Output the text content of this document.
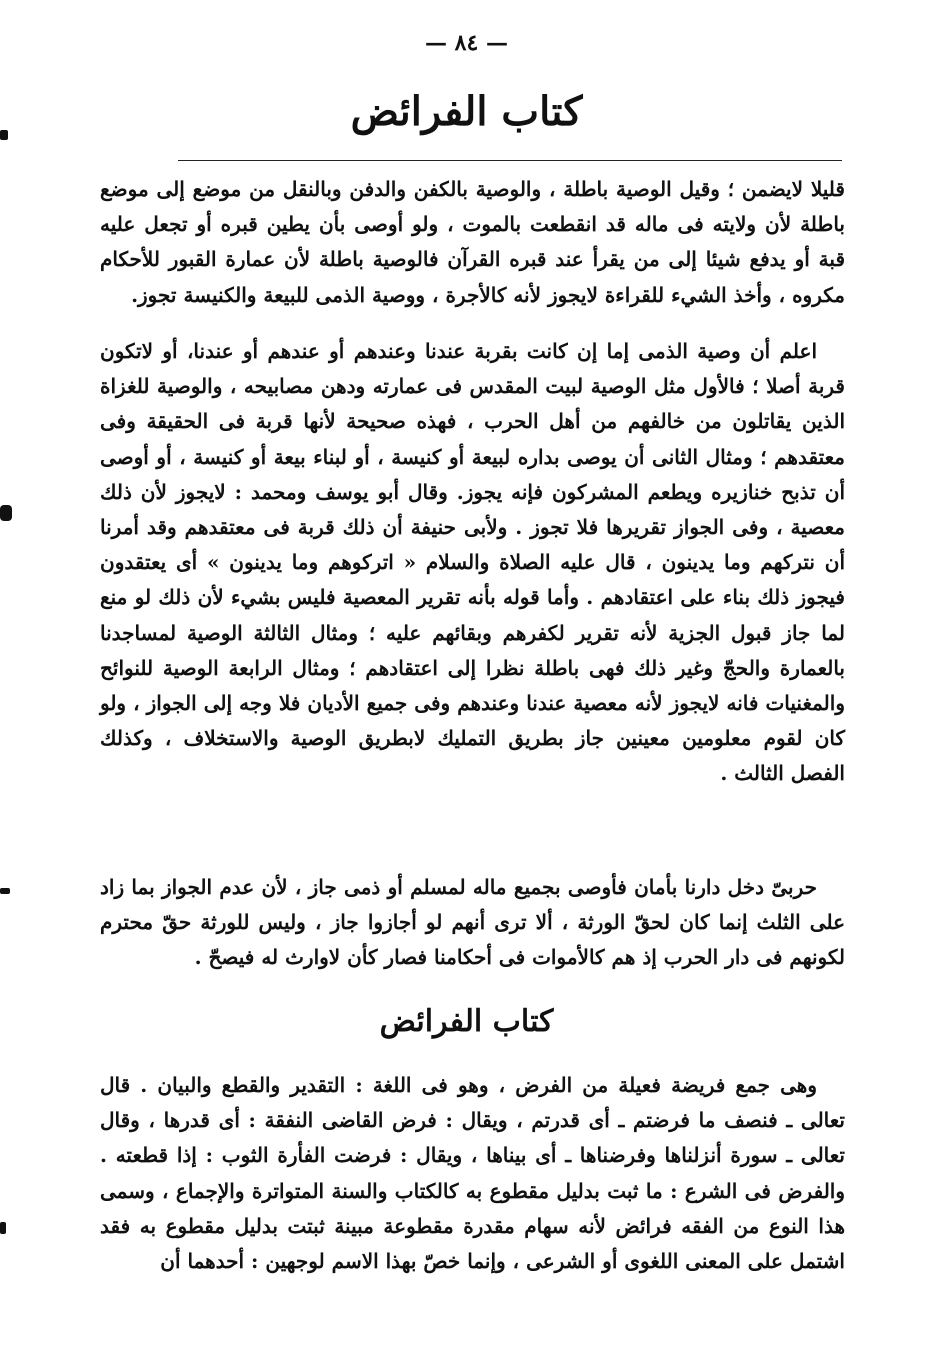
— ٨٤ —
كتاب الفرائض

قليلا لايضمن ؛ وقيل الوصية باطلة ، والوصية بالكفن والدفن وبالنقل من موضع إلى موضع باطلة لأن ولايته فى ماله قد انقطعت بالموت ، ولو أوصى بأن يطين قبره أو تجعل عليه قبة أو يدفع شيئا إلى من يقرأ عند قبره القرآن فالوصية باطلة لأن عمارة القبور للأحكام مكروه ، وأخذ الشيء للقراءة لايجوز لأنه كالأجرة ، ووصية الذمى للبيعة والكنيسة تجوز.

اعلم أن وصية الذمى إما إن كانت بقربة عندنا وعندهم أو عندهم أو عندنا، أو لاتكون قربة أصلا ؛ فالأول مثل الوصية لبيت المقدس فى عمارته ودهن مصابيحه ، والوصية للغزاة الذين يقاتلون من خالفهم من أهل الحرب ، فهذه صحيحة لأنها قربة فى الحقيقة وفى معتقدهم ؛ ومثال الثانى أن يوصى بداره لبيعة أو كنيسة ، أو لبناء بيعة أو كنيسة ، أو أوصى أن تذبح خنازيره ويطعم المشركون فإنه يجوز. وقال أبو يوسف ومحمد : لايجوز لأن ذلك معصية ، وفى الجواز تقريرها فلا تجوز . ولأبى حنيفة أن ذلك قربة فى معتقدهم وقد أمرنا أن نتركهم وما يدينون ، قال عليه الصلاة والسلام « اتركوهم وما يدينون » أى يعتقدون فيجوز ذلك بناء على اعتقادهم . وأما قوله بأنه تقرير المعصية فليس بشيء لأن ذلك لو منع لما جاز قبول الجزية لأنه تقرير لكفرهم وبقائهم عليه ؛ ومثال الثالثة الوصية لمساجدنا بالعمارة والحجّ وغير ذلك فهى باطلة نظرا إلى اعتقادهم ؛ ومثال الرابعة الوصية للنوائح والمغنيات فانه لايجوز لأنه معصية عندنا وعندهم وفى جميع الأديان فلا وجه إلى الجواز ، ولو كان لقوم معلومين معينين جاز بطريق التمليك لابطريق الوصية والاستخلاف ، وكذلك الفصل الثالث .

حربىّ دخل دارنا بأمان فأوصى بجميع ماله لمسلم أو ذمى جاز ، لأن عدم الجواز بما زاد على الثلث إنما كان لحقّ الورثة ، ألا ترى أنهم لو أجازوا جاز ، وليس للورثة حقّ محترم لكونهم فى دار الحرب إذ هم كالأموات فى أحكامنا فصار كأن لاوارث له فيصحّ .

كتاب الفرائض

وهى جمع فريضة فعيلة من الفرض ، وهو فى اللغة : التقدير والقطع والبيان . قال تعالى ـ فنصف ما فرضتم ـ أى قدرتم ، ويقال : فرض القاضى النفقة : أى قدرها ، وقال تعالى ـ سورة أنزلناها وفرضناها ـ أى بيناها ، ويقال : فرضت الفأرة الثوب : إذا قطعته . والفرض فى الشرع : ما ثبت بدليل مقطوع به كالكتاب والسنة المتواترة والإجماع ، وسمى هذا النوع من الفقه فرائض لأنه سهام مقدرة مقطوعة مبينة ثبتت بدليل مقطوع به فقد اشتمل على المعنى اللغوى أو الشرعى ، وإنما خصّ بهذا الاسم لوجهين : أحدهما أن
